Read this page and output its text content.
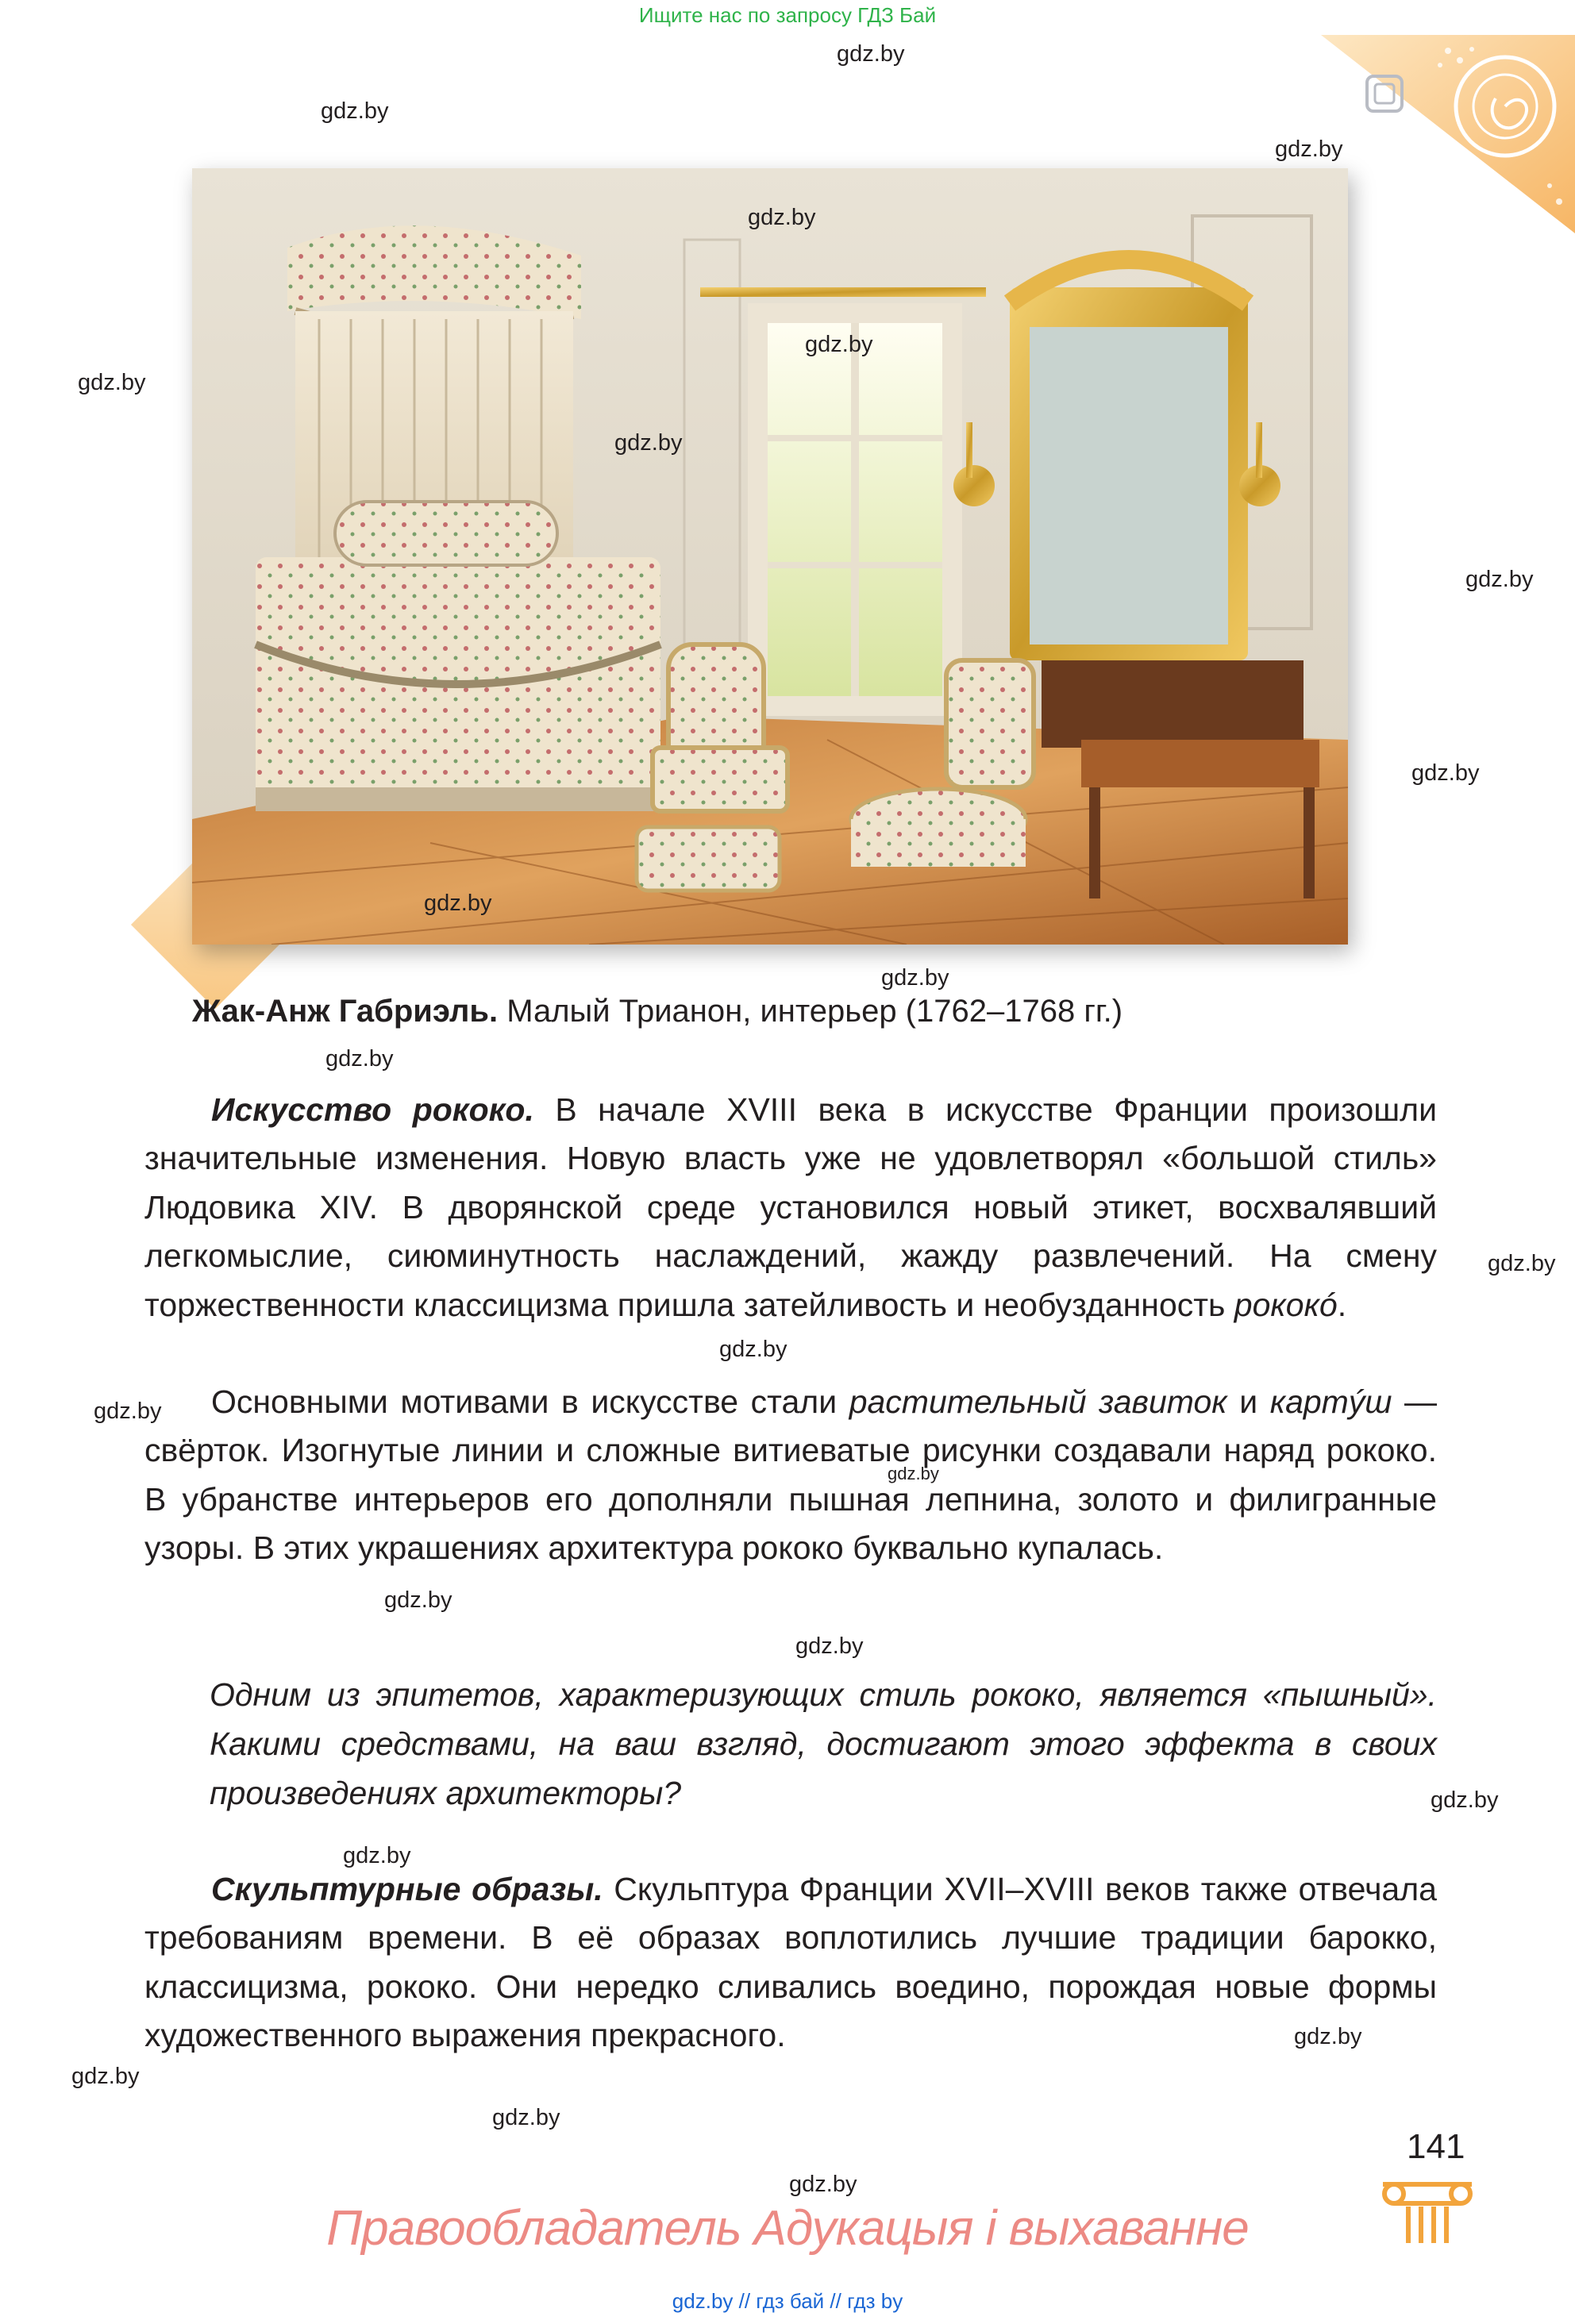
Ищите нас по запросу ГДЗ Бай
gdz.by
gdz.by
gdz.by
gdz.by
gdz.by
gdz.by
gdz.by
gdz.by
gdz.by
gdz.by
gdz.by
gdz.by
gdz.by
gdz.by
gdz.by
gdz.by
gdz.by
gdz.by
gdz.by
gdz.by
gdz.by
gdz.by
gdz.by
gdz.by
Жак-Анж Габриэль. Малый Трианон, интерьер (1762–1768 гг.)
Искусство рококо. В начале XVIII века в искусстве Франции произошли значительные изменения. Новую власть уже не удовлетворял «большой стиль» Людовика XIV. В дворянской среде установился новый этикет, восхвалявший легкомыслие, сиюминутность наслаждений, жажду развлечений. На смену торжественности классицизма пришла затейливость и необузданность рококó.
Основными мотивами в искусстве стали растительный завиток и картýш — свёрток. Изогнутые линии и сложные витиеватые рисунки создавали наряд рококо. В убранстве интерьеров его дополняли пышная лепнина, золото и филигранные узоры. В этих украшениях архитектура рококо буквально купалась.
Одним из эпитетов, характеризующих стиль рококо, является «пышный». Какими средствами, на ваш взгляд, достигают этого эффекта в своих произведениях архитекторы?
Скульптурные образы. Скульптура Франции XVII–XVIII веков также отвечала требованиям времени. В её образах воплотились лучшие традиции барокко, классицизма, рококо. Они нередко сливались воедино, порождая новые формы художественного выражения прекрасного.
141
Правообладатель Адукацыя і выхаванне
gdz.by // гдз бай // гдз by
